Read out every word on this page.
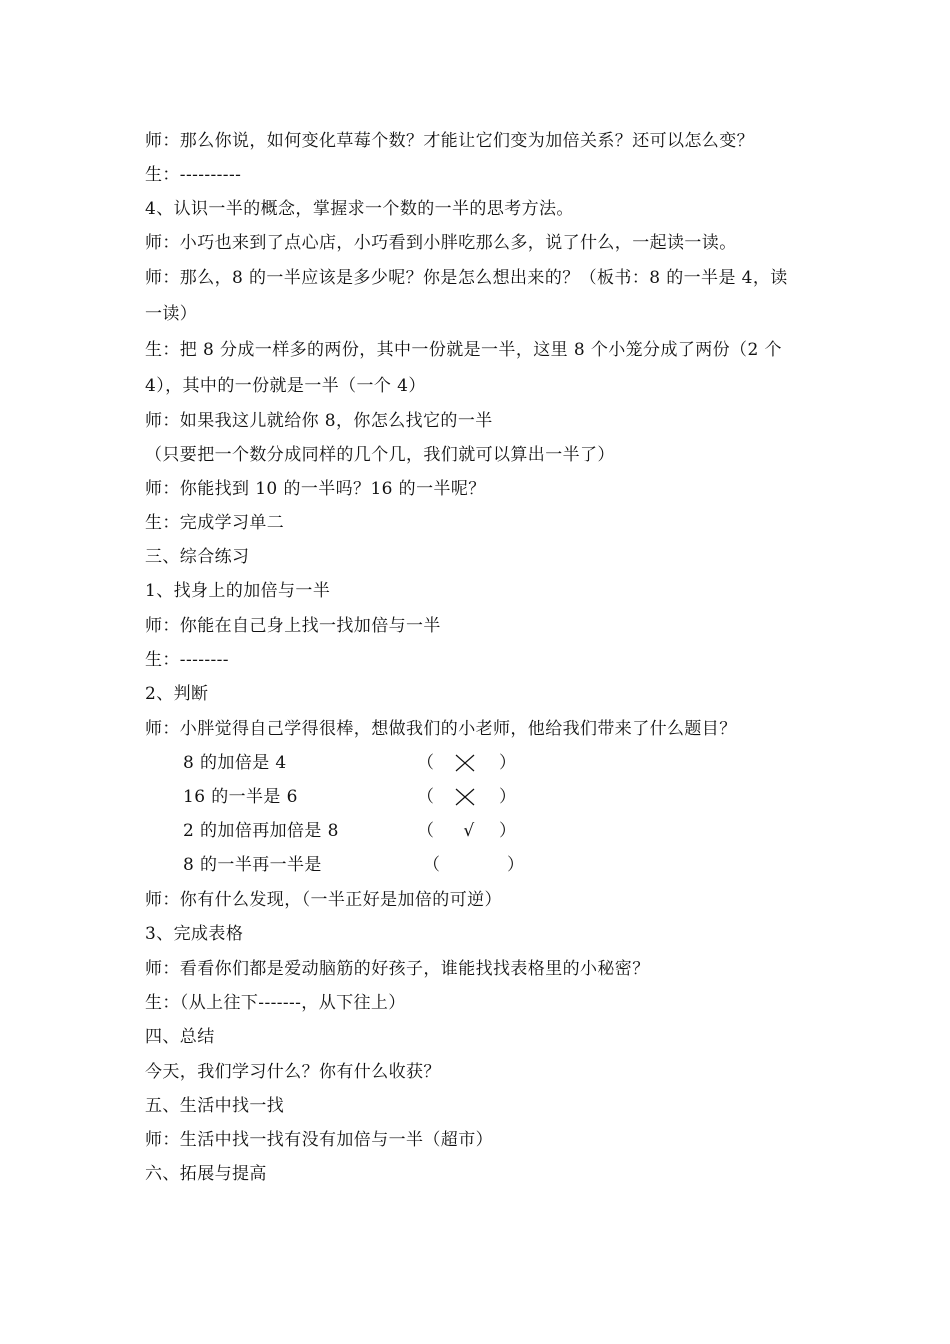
师：那么你说，如何变化草莓个数？才能让它们变为加倍关系？还可以怎么变？
生：----------
4、认识一半的概念，掌握求一个数的一半的思考方法。
师：小巧也来到了点心店，小巧看到小胖吃那么多，说了什么，一起读一读。
师：那么，8 的一半应该是多少呢？你是怎么想出来的？（板书：8 的一半是 4，读
一读）
生：把 8 分成一样多的两份，其中一份就是一半，这里 8 个小笼分成了两份（2 个
4），其中的一份就是一半（一个 4）
师：如果我这儿就给你 8，你怎么找它的一半
（只要把一个数分成同样的几个几，我们就可以算出一半了）
师：你能找到 10 的一半吗？16 的一半呢？
生：完成学习单二
三、综合练习
1、找身上的加倍与一半
师：你能在自己身上找一找加倍与一半
生：--------
2、判断
师：小胖觉得自己学得很棒，想做我们的小老师，他给我们带来了什么题目？
8 的加倍是 4	（	）
16 的一半是 6	（	）
2 的加倍再加倍是 8	（	√	）
8 的一半再一半是	（	）
师：你有什么发现，（一半正好是加倍的可逆）
3、完成表格
师：看看你们都是爱动脑筋的好孩子，谁能找找表格里的小秘密？
生：（从上往下-------，从下往上）
四、总结
今天，我们学习什么？你有什么收获？
五、生活中找一找
师：生活中找一找有没有加倍与一半（超市）
六、拓展与提高
